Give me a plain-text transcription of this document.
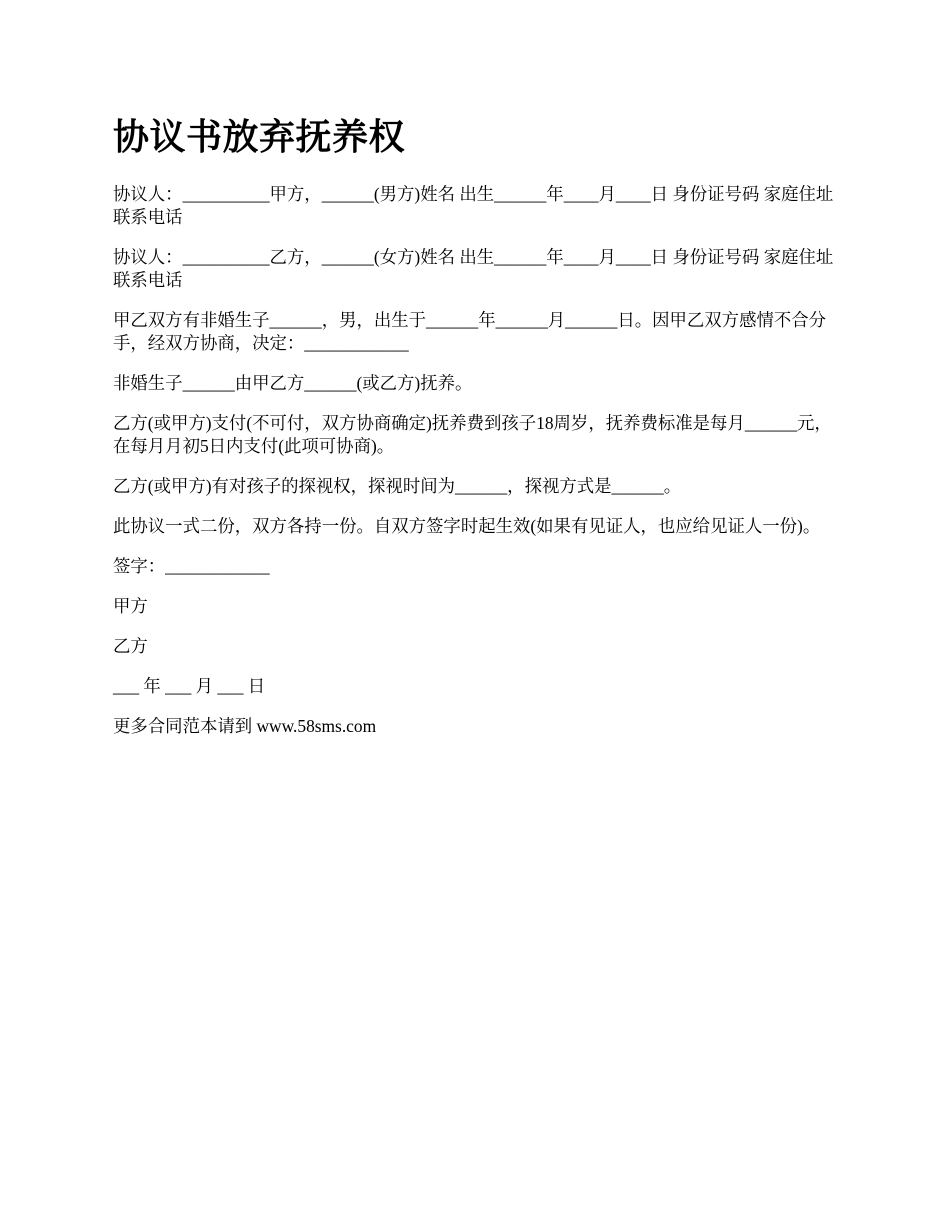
协议书放弃抚养权

协议人：__________甲方，______(男方)姓名 出生______年____月____日 身份证号码 家庭住址 联系电话

协议人：__________乙方，______(女方)姓名 出生______年____月____日 身份证号码 家庭住址 联系电话

甲乙双方有非婚生子______，男，出生于______年______月______日。因甲乙双方感情不合分手，经双方协商，决定：____________

非婚生子______由甲乙方______(或乙方)抚养。

乙方(或甲方)支付(不可付，双方协商确定)抚养费到孩子18周岁，抚养费标准是每月______元，在每月月初5日内支付(此项可协商)。

乙方(或甲方)有对孩子的探视权，探视时间为______，探视方式是______。

此协议一式二份，双方各持一份。自双方签字时起生效(如果有见证人，也应给见证人一份)。

签字：____________

甲方

乙方

___ 年 ___ 月 ___ 日

更多合同范本请到 www.58sms.com
